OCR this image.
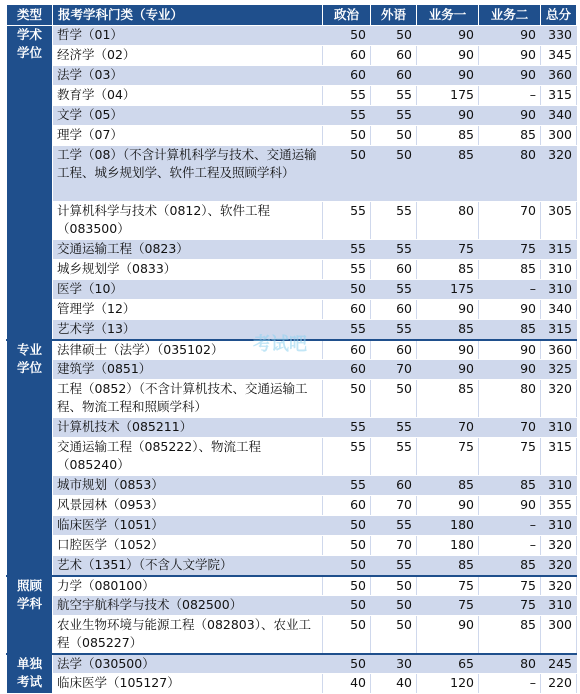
类型	报考学科门类（专业）	政治	外语	业务一	业务二	总分
学术
学位	哲学（01）	50	50	90	90	330
	经济学（02）	60	60	90	90	345
	法学（03）	60	60	90	90	360
	教育学（04）	55	55	175	–	315
	文学（05）	55	55	90	90	340
	理学（07）	50	50	85	85	300
	工学（08）（不含计算机科学与技术、交通运输工程、城乡规划学、软件工程及照顾学科）	50	50	85	80	320
	计算机科学与技术（0812）、软件工程（083500）	55	55	80	70	305
	交通运输工程（0823）	55	55	75	75	315
	城乡规划学（0833）	55	60	85	85	310
	医学（10）	50	55	175	–	310
	管理学（12）	60	60	90	90	340
	艺术学（13）	55	55	85	85	315
专业
学位	法律硕士（法学）（035102）	60	60	90	90	360
	建筑学（0851）	60	70	90	90	325
	工程（0852）（不含计算机技术、交通运输工程、物流工程和照顾学科）	50	50	85	80	320
	计算机技术（085211）	55	55	70	70	310
	交通运输工程（085222）、物流工程（085240）	55	55	75	75	315
	城市规划（0853）	55	60	85	85	310
	风景园林（0953）	60	70	90	90	355
	临床医学（1051）	50	55	180	–	310
	口腔医学（1052）	50	70	180	–	320
	艺术（1351）（不含人文学院）	50	55	85	85	320
照顾
学科	力学（080100）	50	50	75	75	320
	航空宇航科学与技术（082500）	50	50	75	75	310
	农业生物环境与能源工程（082803）、农业工程（085227）	50	50	90	85	300
单独
考试	法学（030500）	50	30	65	80	245
	临床医学（105127）	40	40	120	–	220
考试吧
